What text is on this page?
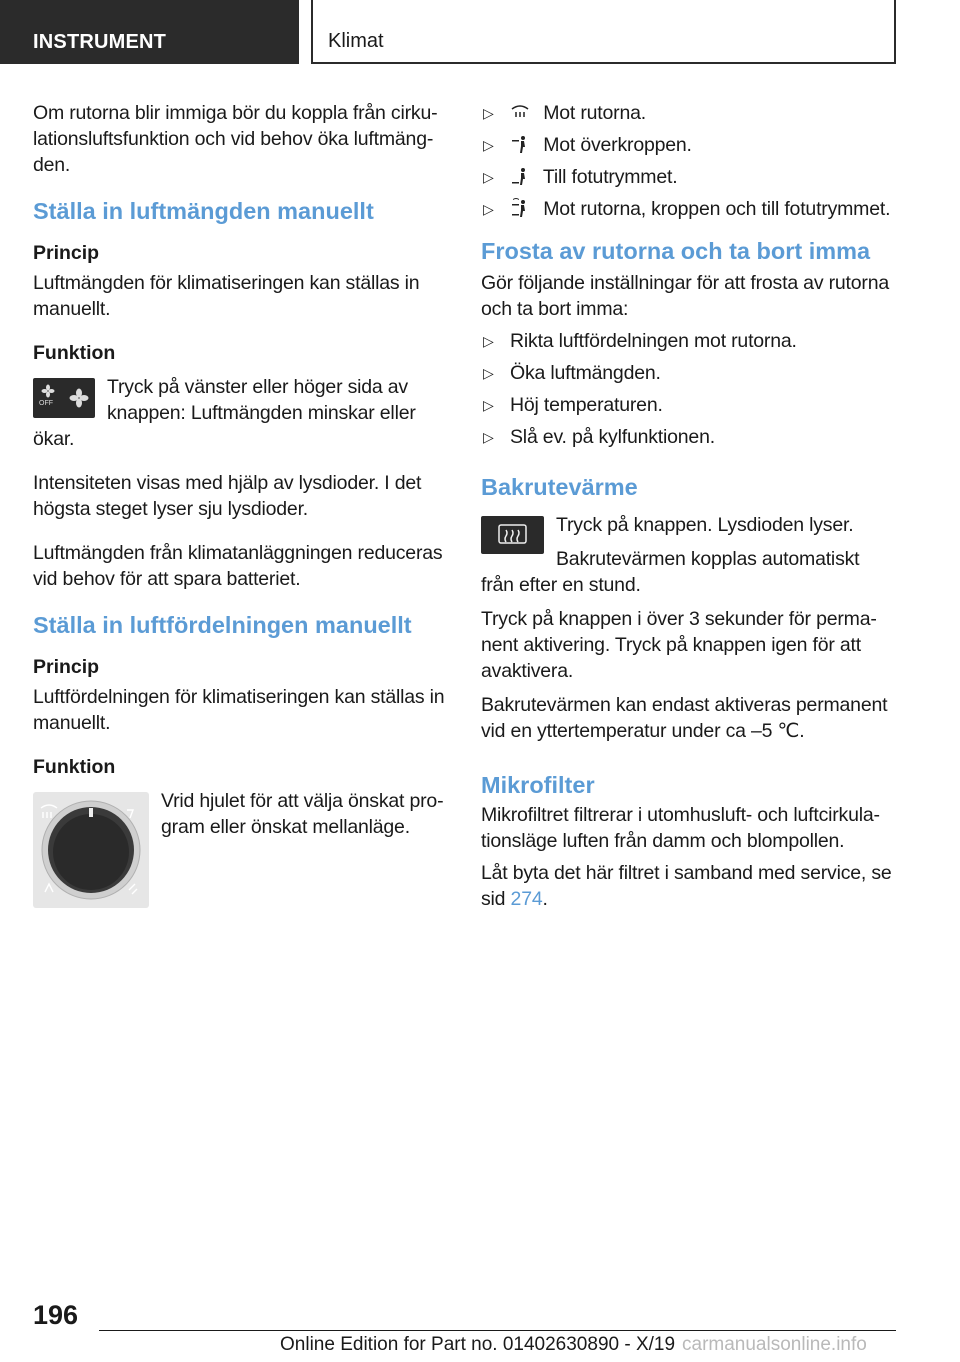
INSTRUMENT	Klimat

Om rutorna blir immiga bör du koppla från cirkulationsluftsfunktion och vid behov öka luftmängden.

Ställa in luftmängden manuellt
Princip

Luftmängden för klimatiseringen kan ställas in manuellt.

Funktion
OFF

Tryck på vänster eller höger sida av knappen: Luftmängden minskar eller ökar.

Intensiteten visas med hjälp av lysdioder. I det högsta steget lyser sju lysdioder.

Luftmängden från klimatanläggningen reduceras vid behov för att spara batteriet.

Ställa in luftfördelningen manuellt
Princip

Luftfördelningen för klimatiseringen kan ställas in manuellt.

Funktion

Vrid hjulet för att välja önskat program eller önskat mellanläge.

▷	Mot rutorna.
▷	Mot överkroppen.
▷	Till fotutrymmet.
▷	Mot rutorna, kroppen och till fotutrymmet.
Frosta av rutorna och ta bort imma

Gör följande inställningar för att frosta av rutorna och ta bort imma:

▷ Rikta luftfördelningen mot rutorna.
▷ Öka luftmängden.
▷ Höj temperaturen.
▷ Slå ev. på kylfunktionen.
Bakrutevärme

Tryck på knappen. Lysdioden lyser.

Bakrutevärmen kopplas automatiskt från efter en stund.

Tryck på knappen i över 3 sekunder för permanent aktivering. Tryck på knappen igen för att avaktivera.

Bakrutevärmen kan endast aktiveras permanent vid en yttertemperatur under ca –5 ℃.

Mikrofilter

Mikrofiltret filtrerar i utomhusluft- och luftcirkulationsläge luften från damm och blompollen.

Låt byta det här filtret i samband med service, se sid 274.

196
Online Edition for Part no. 01402630890 - X/19 carmanualsonline.info
